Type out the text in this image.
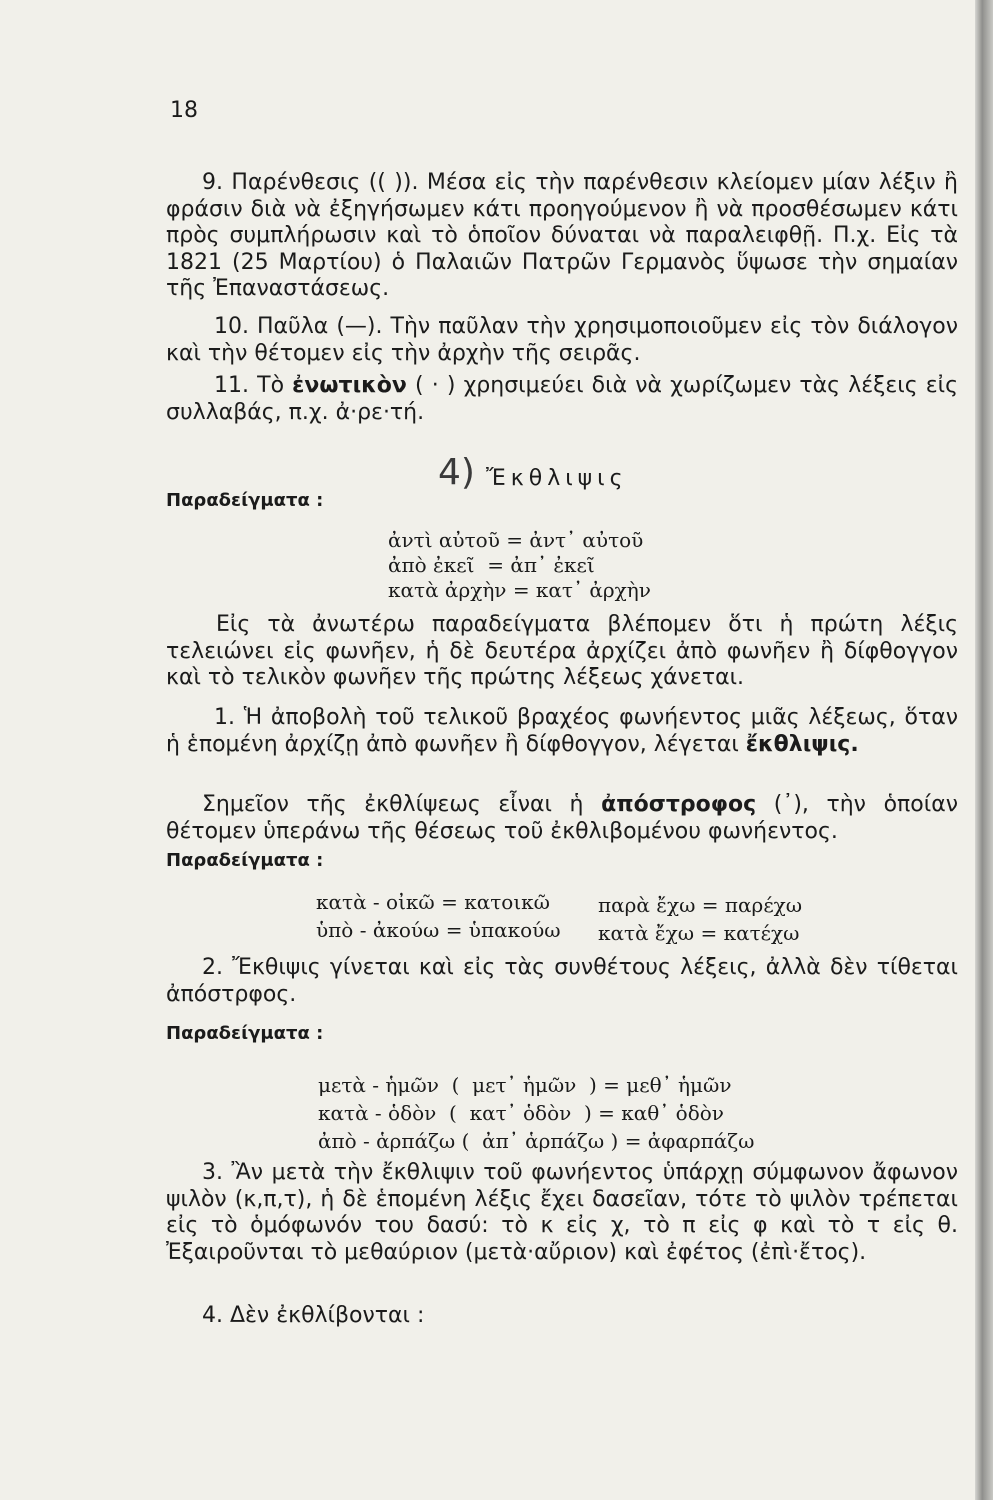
18
9. Παρένθεσις (( )). Μέσα εἰς τὴν παρένθεσιν κλείομεν μίαν λέξιν ἢ φράσιν διὰ νὰ ἐξηγήσωμεν κάτι προηγούμενον ἢ νὰ προσθέσωμεν κάτι πρὸς συμπλήρωσιν καὶ τὸ ὁποῖον δύναται νὰ παραλειφθῇ. Π.χ. Εἰς τὰ 1821 (25 Μαρτίου) ὁ Παλαιῶν Πατρῶν Γερμανὸς ὕψωσε τὴν σημαίαν τῆς Ἐπαναστάσεως.
10. Παῦλα (—). Τὴν παῦλαν τὴν χρησιμοποιοῦμεν εἰς τὸν διάλογον καὶ τὴν θέτομεν εἰς τὴν ἀρχὴν τῆς σειρᾶς.
11. Τὸ ἐνωτικὸν ( · ) χρησιμεύει διὰ νὰ χωρίζωμεν τὰς λέξεις εἰς συλλαβάς, π.χ. ἀ·ρε·τή.
4) Ἔκθλιψις
Παραδείγματα :
ἀντὶ αὐτοῦ = ἀντ᾽ αὐτοῦ
ἀπὸ ἐκεῖ  = ἀπ᾽ ἐκεῖ
κατὰ ἀρχὴν = κατ᾽ ἀρχὴν
Εἰς τὰ ἀνωτέρω παραδείγματα βλέπομεν ὅτι ἡ πρώτη λέξις τελειώνει εἰς φωνῆεν, ἡ δὲ δευτέρα ἀρχίζει ἀπὸ φωνῆεν ἢ δίφθογγον καὶ τὸ τελικὸν φωνῆεν τῆς πρώτης λέξεως χάνεται.
1. Ἡ ἀποβολὴ τοῦ τελικοῦ βραχέος φωνήεντος μιᾶς λέξεως, ὅταν ἡ ἑπομένη ἀρχίζῃ ἀπὸ φωνῆεν ἢ δίφθογγον, λέγεται ἔκθλιψις.
Σημεῖον τῆς ἐκθλίψεως εἶναι ἡ ἀπόστροφος (᾽), τὴν ὁποίαν θέτομεν ὑπεράνω τῆς θέσεως τοῦ ἐκθλιβομένου φωνήεντος.
Παραδείγματα :
κατὰ - οἰκῶ = κατοικῶ
ὑπὸ - ἀκούω = ὑπακούω
παρὰ ἔχω = παρέχω
κατὰ ἔχω = κατέχω
2. Ἔκθιψις γίνεται καὶ εἰς τὰς συνθέτους λέξεις, ἀλλὰ δὲν τίθεται ἀπόστρφος.
Παραδείγματα :
μετὰ - ἡμῶν  (  μετ᾽ ἡμῶν  ) = μεθ᾽ ἡμῶν
κατὰ - ὁδὸν  (  κατ᾽ ὁδὸν  ) = καθ᾽ ὁδὸν
ἀπὸ - ἁρπάζω (  ἀπ᾽ ἁρπάζω ) = ἀφαρπάζω
3. Ἂν μετὰ τὴν ἔκθλιψιν τοῦ φωνήεντος ὑπάρχῃ σύμφωνον ἄφωνον ψιλὸν (κ,π,τ), ἡ δὲ ἑπομένη λέξις ἔχει δασεῖαν, τότε τὸ ψιλὸν τρέπεται εἰς τὸ ὁμόφωνόν του δασύ: τὸ κ εἰς χ, τὸ π εἰς φ καὶ τὸ τ εἰς θ. Ἐξαιροῦνται τὸ μεθαύριον (μετὰ·αὔριον) καὶ ἐφέτος (ἐπὶ·ἔτος).
4. Δὲν ἐκθλίβονται :
